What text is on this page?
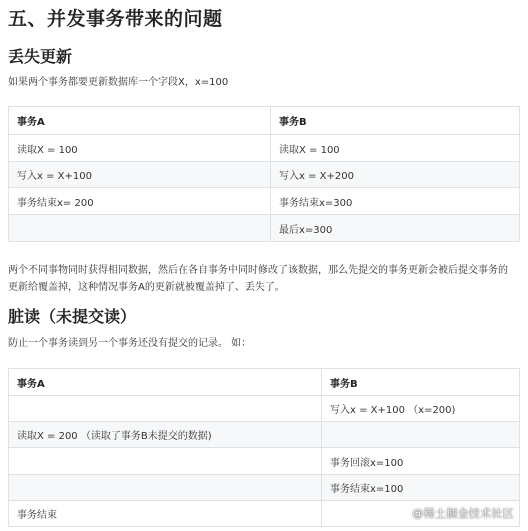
五、并发事务带来的问题
丢失更新
如果两个事务都要更新数据库一个字段X，x=100
事务A	事务B
读取X = 100	读取X = 100
写入x = X+100	写入x = X+200
事务结束x= 200	事务结束x=300
	最后x=300
两个不同事物同时获得相同数据，然后在各自事务中同时修改了该数据，那么先提交的事务更新会被后提交事务的
更新给覆盖掉，这种情况事务A的更新就被覆盖掉了、丢失了。
脏读（未提交读）
防止一个事务读到另一个事务还没有提交的记录。 如：
事务A	事务B
	写入x = X+100 （x=200)
读取X = 200 （读取了事务B未提交的数据)	
	事务回滚x=100
	事务结束x=100
事务结束		@稀土掘金技术社区
